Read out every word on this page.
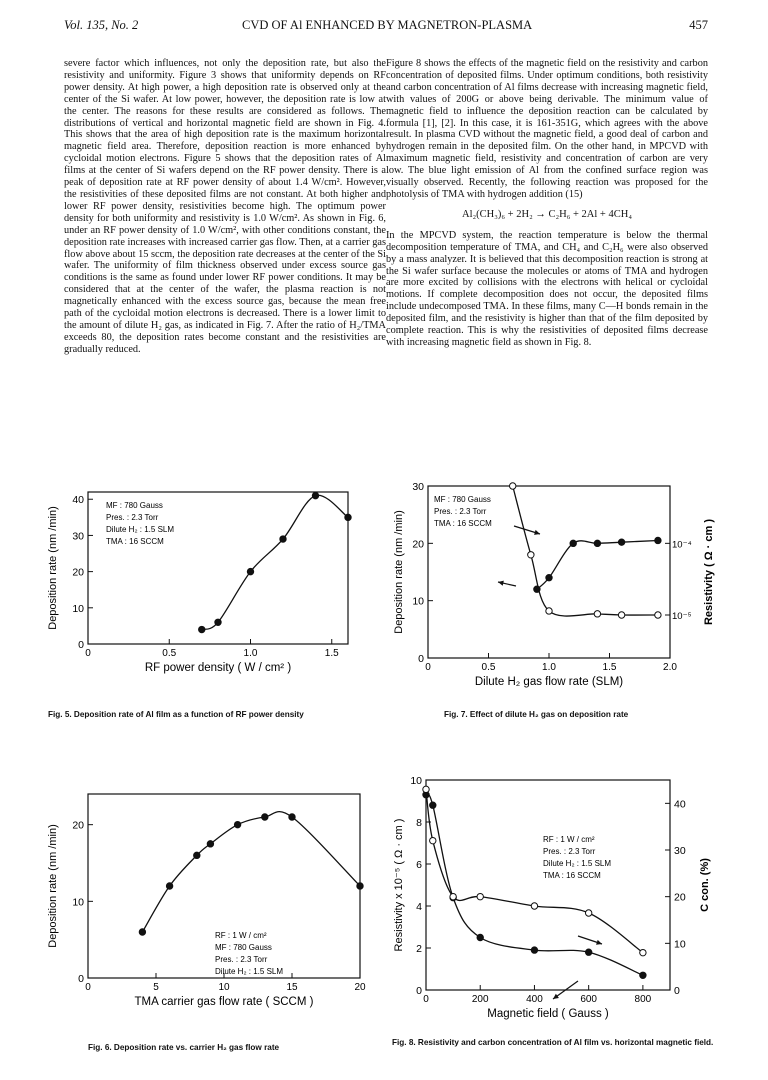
Vol. 135, No. 2	CVD OF Al ENHANCED BY MAGNETRON-PLASMA	457

severe factor which influences, not only the deposition rate, but also the resistivity and uniformity. Figure 3 shows that uniformity depends on RF power density. At high power, a high deposition rate is observed only at the center of the Si wafer. At low power, however, the deposition rate is low at the center. The reasons for these results are considered as follows. The distributions of vertical and horizontal magnetic field are shown in Fig. 4. This shows that the area of high deposition rate is the maximum horizontal magnetic field area. Therefore, deposition reaction is more enhanced by cycloidal motion electrons. Figure 5 shows that the deposition rates of Al films at the center of Si wafers depend on the RF power density. There is a peak of deposition rate at RF power density of about 1.4 W/cm². However, the resistivities of these deposited films are not constant. At both higher and lower RF power density, resistivities become high. The optimum power density for both uniformity and resistivity is 1.0 W/cm². As shown in Fig. 6, under an RF power density of 1.0 W/cm², with other conditions constant, the deposition rate increases with increased carrier gas flow. Then, at a carrier gas flow above about 15 sccm, the deposition rate decreases at the center of the Si wafer. The uniformity of film thickness observed under excess source gas conditions is the same as found under lower RF power conditions. It may be considered that at the center of the wafer, the plasma reaction is not magnetically enhanced with the excess source gas, because the mean free path of the cycloidal motion electrons is decreased. There is a lower limit to the amount of dilute H₂ gas, as indicated in Fig. 7. After the ratio of H₂/TMA exceeds 80, the deposition rates become constant and the resistivities are gradually reduced.

Figure 8 shows the effects of the magnetic field on the resistivity and carbon concentration of deposited films. Under optimum conditions, both resistivity and carbon concentration of Al films decrease with increasing magnetic field, with values of 200G or above being derivable. The minimum value of magnetic field to influence the deposition reaction can be calculated by formula [1], [2]. In this case, it is 161-351G, which agrees with the above result. In plasma CVD without the magnetic field, a good deal of carbon and hydrogen remain in the deposited film. On the other hand, in MPCVD with maximum magnetic field, resistivity and concentration of carbon are very low. The blue light emission of Al from the confined surface region was visually observed. Recently, the following reaction was proposed for the photolysis of TMA with hydrogen addition (15)

Al₂(CH₃)₆ + 2H₂ → C₂H₆ + 2Al + 4CH₄

In the MPCVD system, the reaction temperature is below the thermal decomposition temperature of TMA, and CH₄ and C₂H₆ were also observed by a mass analyzer. It is believed that this decomposition reaction is strong at the Si wafer surface because the molecules or atoms of TMA and hydrogen are more excited by collisions with the electrons with helical or cycloidal motions. If complete decomposition does not occur, the deposited films include undecomposed TMA. In these films, many C—H bonds remain in the deposited film, and the resistivity is higher than that of the film deposited by complete reaction. This is why the resistivities of deposited films decrease with increasing magnetic field as shown in Fig. 8.

0	0.5	1.0	1.5
0
10
20
30
40
RF power density ( W / cm² )
Deposition rate (nm /min)
MF : 780 Gauss
Pres. : 2.3 Torr
Dilute H₂ : 1.5 SLM
TMA : 16 SCCM
Fig. 5. Deposition rate of Al film as a function of RF power density
0	5	10	15	20
0
10
20
TMA carrier gas flow rate ( SCCM )
Deposition rate (nm /min)	RF : 1 W / cm²
MF : 780 Gauss
Pres. : 2.3 Torr
Dilute H₂ : 1.5 SLM
Fig. 6. Deposition rate vs. carrier H₂ gas flow rate
0	0.5	1.0	1.5	2.0
0
10
20
30
10⁻⁴
10⁻⁵
Dilute H₂ gas flow rate (SLM)
Deposition rate (nm /min)	Resistivity ( Ω · cm )
MF : 780 Gauss
Pres. : 2.3 Torr
TMA : 16 SCCM
Fig. 7. Effect of dilute H₂ gas on deposition rate
0	200	400	600	800
0
2
4
6
8
10
0
10
20
30
40
Magnetic field ( Gauss )
Resistivity x 10⁻⁵ ( Ω · cm )	C con. (%)
RF : 1 W / cm²
Pres. : 2.3 Torr
Dilute H₂ : 1.5 SLM
TMA : 16 SCCM
Fig. 8. Resistivity and carbon concentration of Al film vs. horizontal magnetic field.
